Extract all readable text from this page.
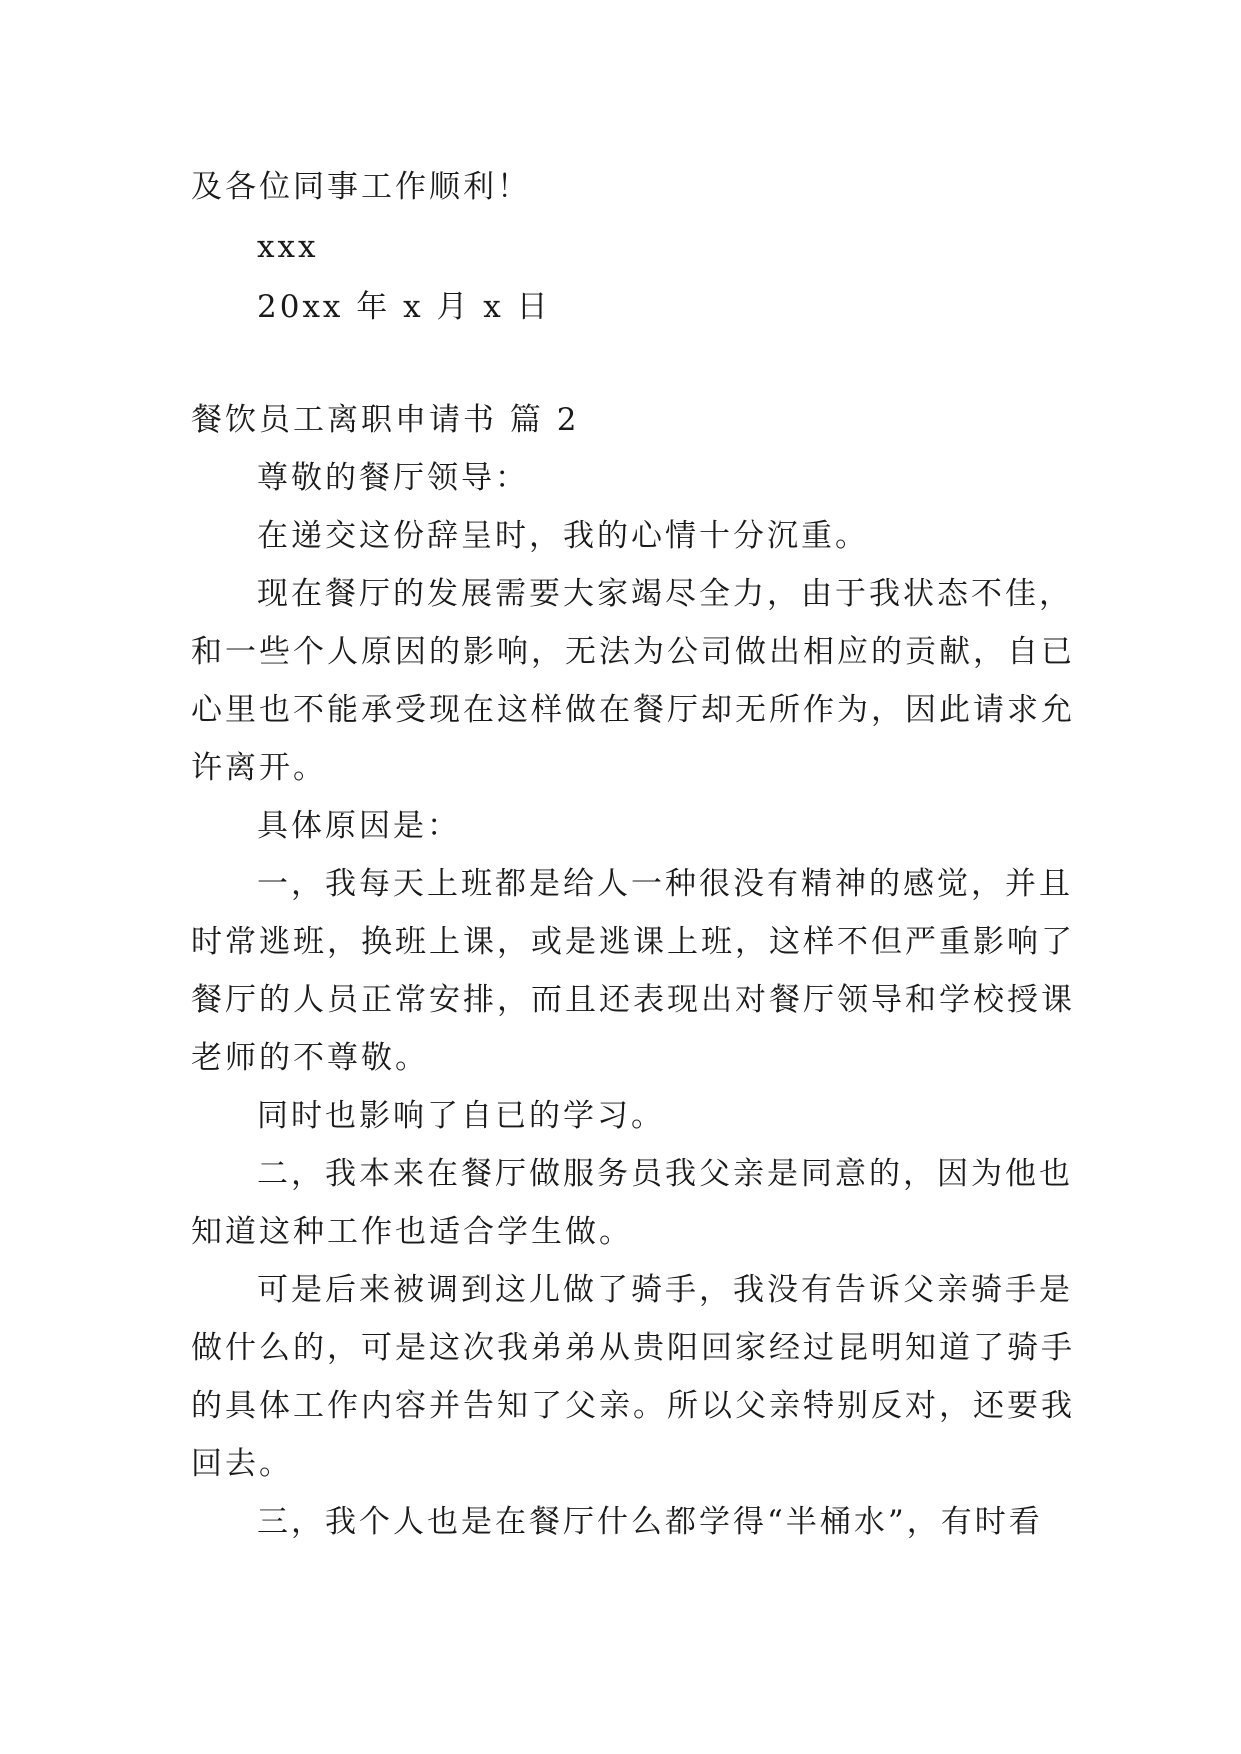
及各位同事工作顺利！
xxx
20xx 年 x 月 x 日
餐饮员工离职申请书 篇 2
尊敬的餐厅领导：
在递交这份辞呈时，我的心情十分沉重。
现在餐厅的发展需要大家竭尽全力，由于我状态不佳，
和一些个人原因的影响，无法为公司做出相应的贡献，自已
心里也不能承受现在这样做在餐厅却无所作为，因此请求允
许离开。
具体原因是：
一，我每天上班都是给人一种很没有精神的感觉，并且
时常逃班，换班上课，或是逃课上班，这样不但严重影响了
餐厅的人员正常安排，而且还表现出对餐厅领导和学校授课
老师的不尊敬。
同时也影响了自已的学习。
二，我本来在餐厅做服务员我父亲是同意的，因为他也
知道这种工作也适合学生做。
可是后来被调到这儿做了骑手，我没有告诉父亲骑手是
做什么的，可是这次我弟弟从贵阳回家经过昆明知道了骑手
的具体工作内容并告知了父亲。所以父亲特别反对，还要我
回去。
三，我个人也是在餐厅什么都学得“半桶水”，有时看
